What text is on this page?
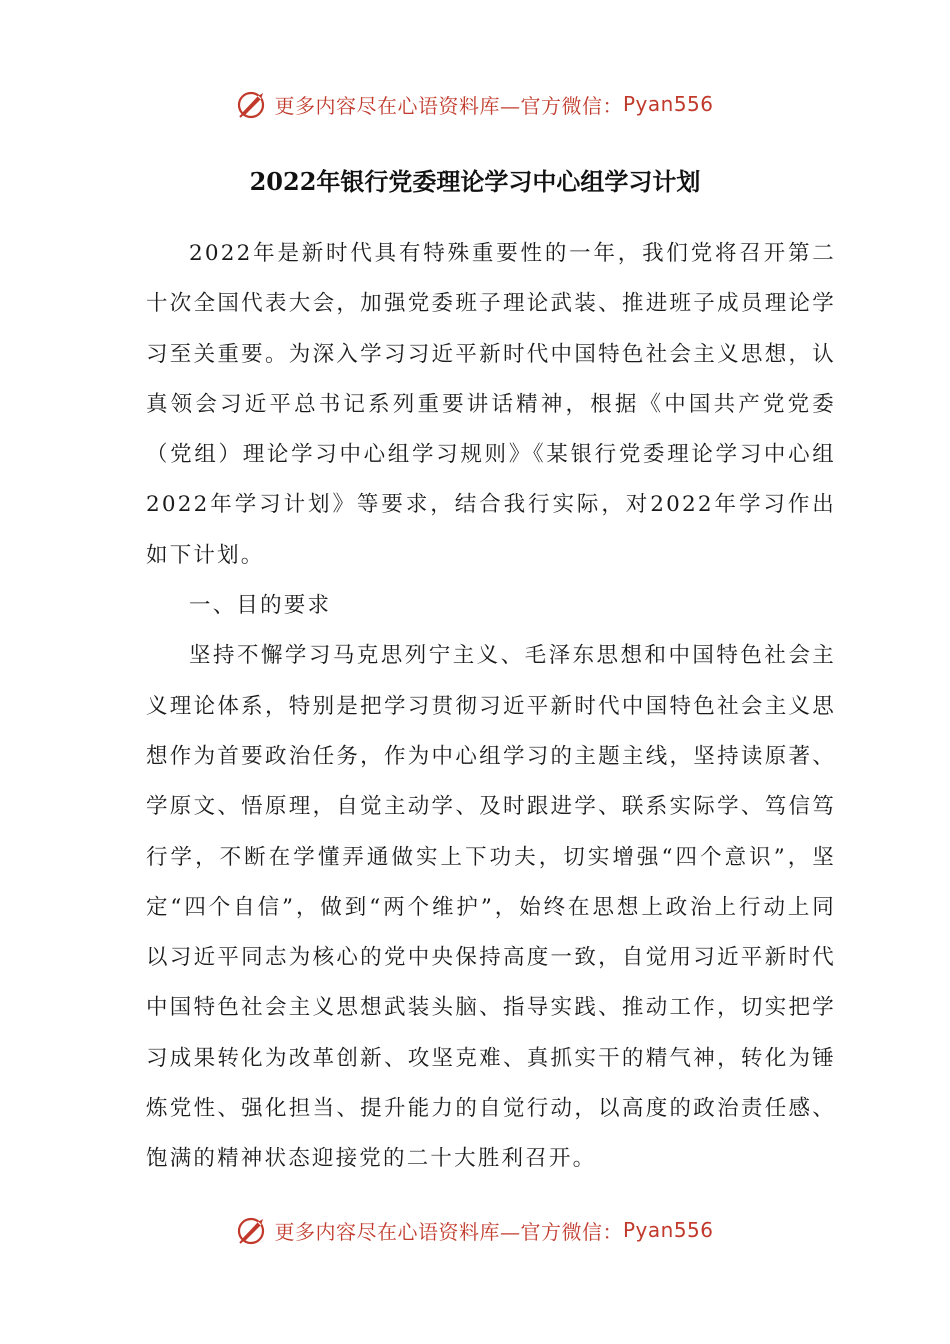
更多内容尽在心语资料库—官方微信： Pyan556
2022年银行党委理论学习中心组学习计划

2022年是新时代具有特殊重要性的一年，我们党将召开第二十次全国代表大会，加强党委班子理论武装、推进班子成员理论学习至关重要。为深入学习习近平新时代中国特色社会主义思想，认真领会习近平总书记系列重要讲话精神，根据《中国共产党党委（党组）理论学习中心组学习规则》《某银行党委理论学习中心组2022年学习计划》等要求，结合我行实际，对2022年学习作出如下计划。

一、目的要求

坚持不懈学习马克思列宁主义、毛泽东思想和中国特色社会主义理论体系，特别是把学习贯彻习近平新时代中国特色社会主义思想作为首要政治任务，作为中心组学习的主题主线，坚持读原著、学原文、悟原理，自觉主动学、及时跟进学、联系实际学、笃信笃行学，不断在学懂弄通做实上下功夫，切实增强“四个意识”，坚定“四个自信”，做到“两个维护”，始终在思想上政治上行动上同以习近平同志为核心的党中央保持高度一致，自觉用习近平新时代中国特色社会主义思想武装头脑、指导实践、推动工作，切实把学习成果转化为改革创新、攻坚克难、真抓实干的精气神，转化为锤炼党性、强化担当、提升能力的自觉行动，以高度的政治责任感、饱满的精神状态迎接党的二十大胜利召开。

更多内容尽在心语资料库—官方微信： Pyan556
